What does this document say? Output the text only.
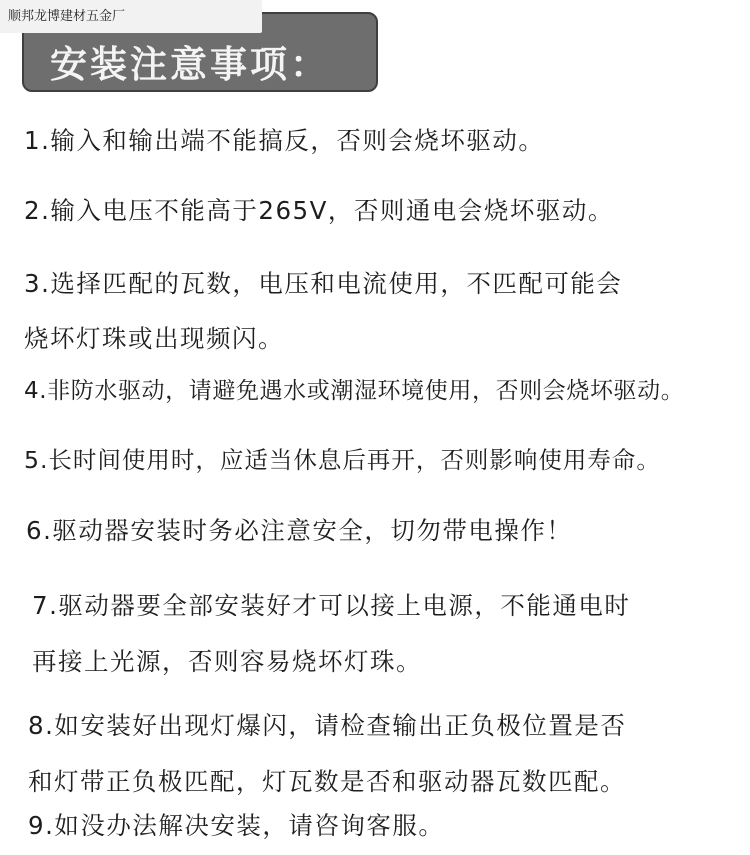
顺邦龙博建材五金厂
安装注意事项：
1.输入和输出端不能搞反，否则会烧坏驱动。
2.输入电压不能高于265V，否则通电会烧坏驱动。
3.选择匹配的瓦数，电压和电流使用，不匹配可能会
烧坏灯珠或出现频闪。
4.非防水驱动，请避免遇水或潮湿环境使用，否则会烧坏驱动。
5.长时间使用时，应适当休息后再开，否则影响使用寿命。
6.驱动器安装时务必注意安全，切勿带电操作！
7.驱动器要全部安装好才可以接上电源，不能通电时
再接上光源，否则容易烧坏灯珠。
8.如安装好出现灯爆闪，请检查输出正负极位置是否
和灯带正负极匹配，灯瓦数是否和驱动器瓦数匹配。
9.如没办法解决安装，请咨询客服。
